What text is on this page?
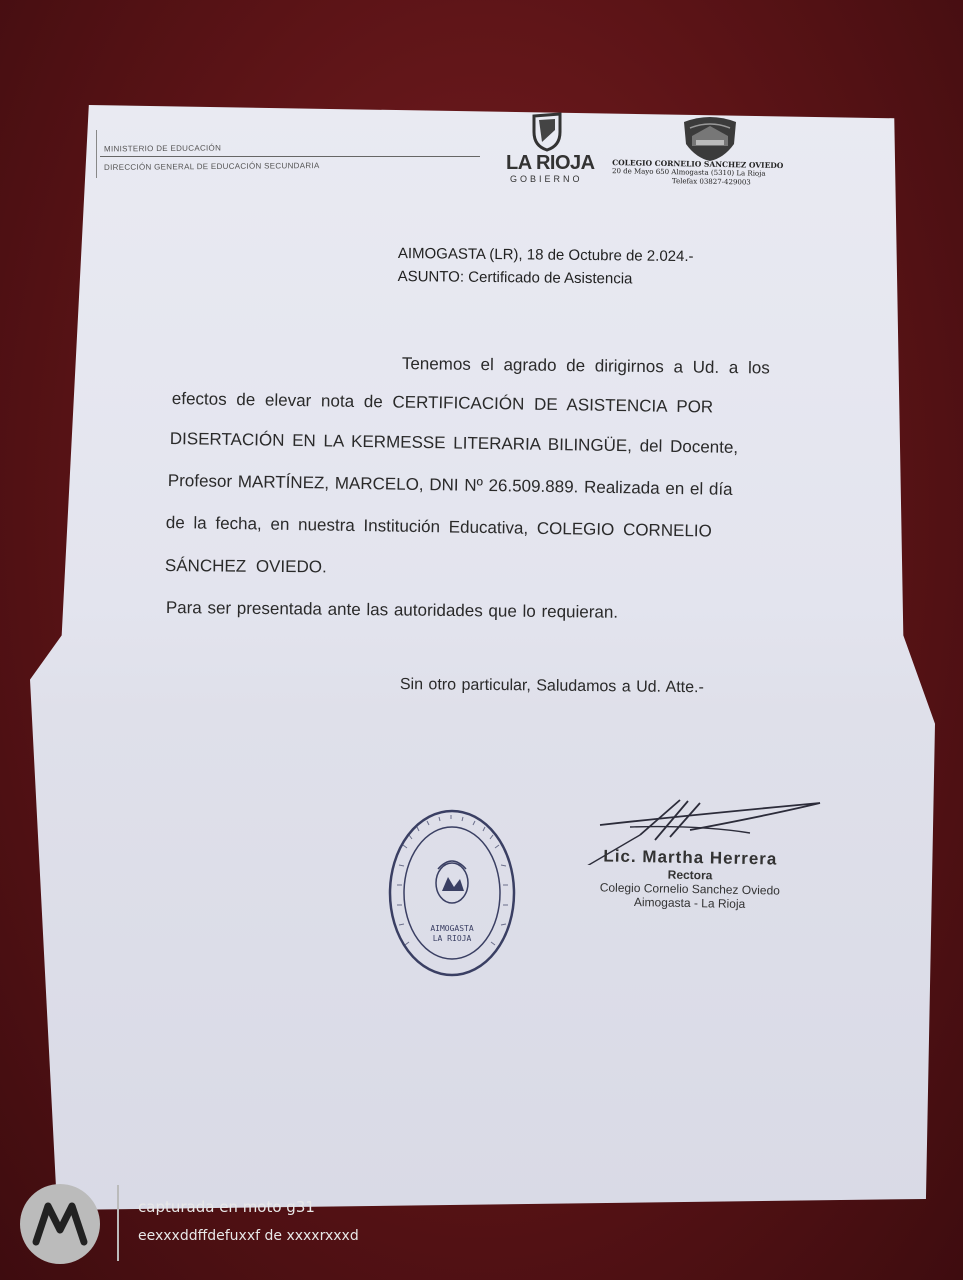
MINISTERIO DE EDUCACIÓN
DIRECCIÓN GENERAL DE EDUCACIÓN SECUNDARIA	LA RIOJA
GOBIERNO
COLEGIO CORNELIO SANCHEZ OVIEDO
20 de Mayo 650 Almogasta (5310) La Rioja
Telefax 03827-429003
AIMOGASTA (LR), 18 de Octubre de 2.024.-
ASUNTO: Certificado de Asistencia
Tenemos el agrado de dirigirnos a Ud. a los
efectos de elevar nota de CERTIFICACIÓN DE ASISTENCIA POR
DISERTACIÓN EN LA KERMESSE LITERARIA BILINGÜE, del Docente,
Profesor MARTÍNEZ, MARCELO, DNI Nº 26.509.889. Realizada en el día
de la fecha, en nuestra Institución Educativa, COLEGIO CORNELIO
SÁNCHEZ OVIEDO.
Para ser presentada ante las autoridades que lo requieran.
Sin otro particular, Saludamos a Ud. Atte.-
AIMOGASTA
LA RIOJA
Lic. Martha Herrera
Rectora
Colegio Cornelio Sanchez Oviedo
Aimogasta - La Rioja
capturada en moto g31
eexxxddffdefuxxf de xxxxrxxxd
